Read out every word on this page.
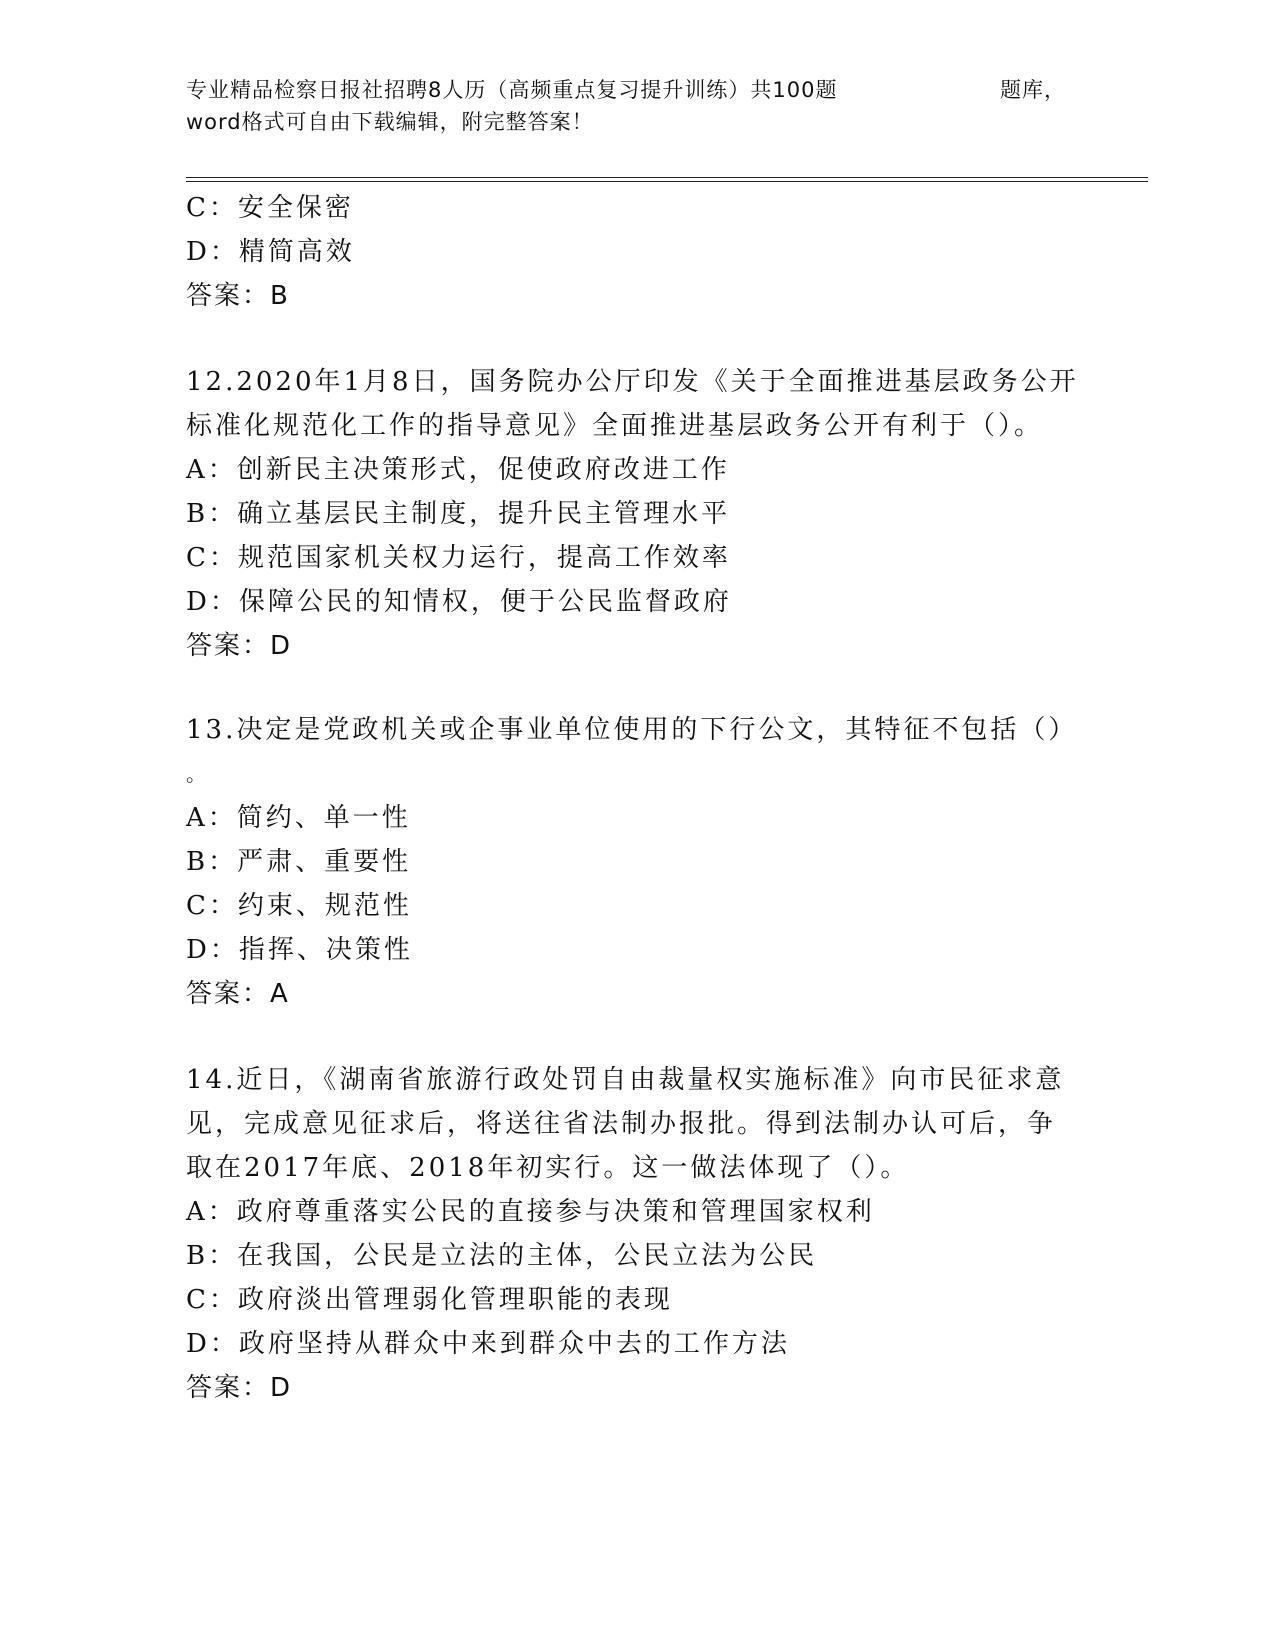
专业精品检察日报社招聘8人历（高频重点复习提升训练）共100题	题库，
word格式可自由下载编辑，附完整答案！
C：安全保密
D：精简高效
答案：B
12.2020年1月8日，国务院办公厅印发《关于全面推进基层政务公开
标准化规范化工作的指导意见》全面推进基层政务公开有利于（）。
A：创新民主决策形式，促使政府改进工作
B：确立基层民主制度，提升民主管理水平
C：规范国家机关权力运行，提高工作效率
D：保障公民的知情权，便于公民监督政府
答案：D
13.决定是党政机关或企事业单位使用的下行公文，其特征不包括（）
。
A：简约、单一性
B：严肃、重要性
C：约束、规范性
D：指挥、决策性
答案：A
14.近日，《湖南省旅游行政处罚自由裁量权实施标准》向市民征求意
见，完成意见征求后，将送往省法制办报批。得到法制办认可后，争
取在2017年底、2018年初实行。这一做法体现了（）。
A：政府尊重落实公民的直接参与决策和管理国家权利
B：在我国，公民是立法的主体，公民立法为公民
C：政府淡出管理弱化管理职能的表现
D：政府坚持从群众中来到群众中去的工作方法
答案：D
